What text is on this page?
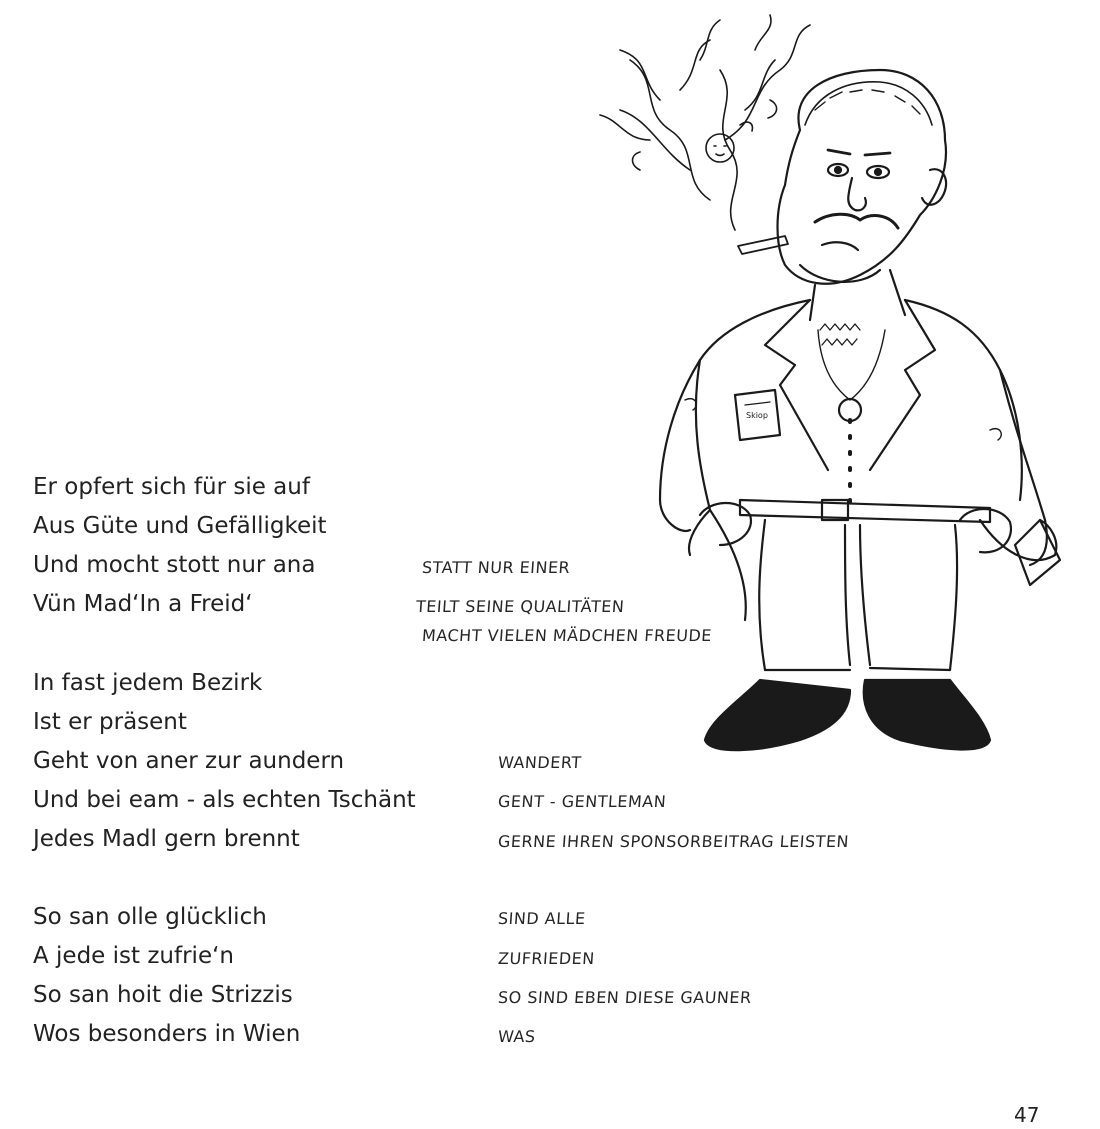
Skiop
Er opfert sich für sie auf
Aus Güte und Gefälligkeit
Und mocht stott nur ana
Vün Mad‘In a Freid‘
In fast jedem Bezirk
Ist er präsent
Geht von aner zur aundern
Und bei eam - als echten Tschänt
Jedes Madl gern brennt
So san olle glücklich
A jede ist zufrie‘n
So san hoit die Strizzis
Wos besonders in Wien
STATT NUR EINER
TEILT SEINE QUALITÄTEN
MACHT VIELEN MÄDCHEN FREUDE
WANDERT
GENT - GENTLEMAN
GERNE IHREN SPONSORBEITRAG LEISTEN
SIND ALLE
ZUFRIEDEN
SO SIND EBEN DIESE GAUNER
WAS
47
